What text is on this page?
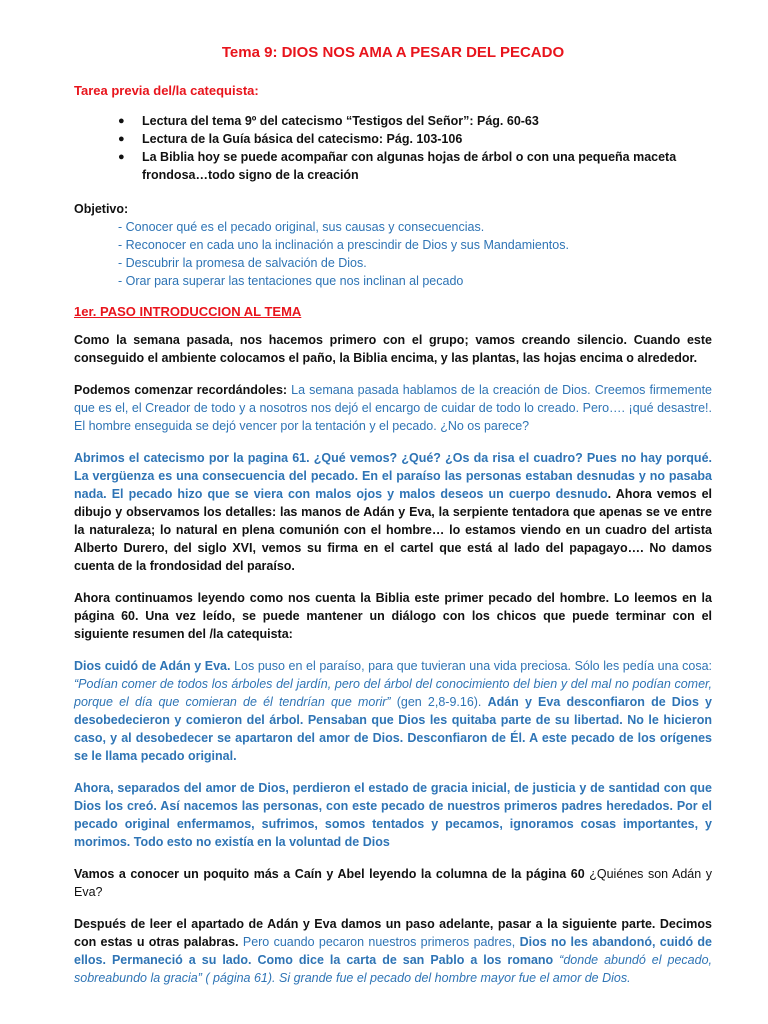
Tema 9: DIOS NOS AMA A PESAR DEL PECADO
Tarea previa del/la catequista:
● Lectura del tema 9º del catecismo “Testigos del Señor”: Pág. 60-63
● Lectura de la Guía básica del catecismo: Pág. 103-106
● La Biblia hoy se puede acompañar con algunas hojas de árbol o con una pequeña maceta frondosa…todo signo de la creación
Objetivo:
- Conocer qué es el pecado original, sus causas y consecuencias.
- Reconocer en cada uno la inclinación a prescindir de Dios y sus Mandamientos.
- Descubrir la promesa de salvación de Dios.
- Orar para superar las tentaciones que nos inclinan al pecado
1er. PASO INTRODUCCION AL TEMA

Como la semana pasada, nos hacemos primero con el grupo; vamos creando silencio. Cuando este conseguido el ambiente colocamos el paño, la Biblia encima, y las plantas, las hojas encima o alrededor.

Podemos comenzar recordándoles: La semana pasada hablamos de la creación de Dios. Creemos firmemente que es el, el Creador de todo y a nosotros nos dejó el encargo de cuidar de todo lo creado. Pero…. ¡qué desastre!. El hombre enseguida se dejó vencer por la tentación y el pecado. ¿No os parece?

Abrimos el catecismo por la pagina 61. ¿Qué vemos? ¿Qué? ¿Os da risa el cuadro? Pues no hay porqué. La vergüenza es una consecuencia del pecado. En el paraíso las personas estaban desnudas y no pasaba nada. El pecado hizo que se viera con malos ojos y malos deseos un cuerpo desnudo. Ahora vemos el dibujo y observamos los detalles: las manos de Adán y Eva, la serpiente tentadora que apenas se ve entre la naturaleza; lo natural en plena comunión con el hombre… lo estamos viendo en un cuadro del artista Alberto Durero, del siglo XVI, vemos su firma en el cartel que está al lado del papagayo…. No damos cuenta de la frondosidad del paraíso.

Ahora continuamos leyendo como nos cuenta la Biblia este primer pecado del hombre. Lo leemos en la página 60. Una vez leído, se puede mantener un diálogo con los chicos que puede terminar con el siguiente resumen del /la catequista:

Dios cuidó de Adán y Eva. Los puso en el paraíso, para que tuvieran una vida preciosa. Sólo les pedía una cosa: “Podían comer de todos los árboles del jardín, pero del árbol del conocimiento del bien y del mal no podían comer, porque el día que comieran de él tendrían que morir” (gen 2,8-9.16). Adán y Eva desconfiaron de Dios y desobedecieron y comieron del árbol. Pensaban que Dios les quitaba parte de su libertad. No le hicieron caso, y al desobedecer se apartaron del amor de Dios. Desconfiaron de Él. A este pecado de los orígenes se le llama pecado original.

Ahora, separados del amor de Dios, perdieron el estado de gracia inicial, de justicia y de santidad con que Dios los creó. Así nacemos las personas, con este pecado de nuestros primeros padres heredados. Por el pecado original enfermamos, sufrimos, somos tentados y pecamos, ignoramos cosas importantes, y morimos. Todo esto no existía en la voluntad de Dios

Vamos a conocer un poquito más a Caín y Abel leyendo la columna de la página 60 ¿Quiénes son Adán y Eva?

Después de leer el apartado de Adán y Eva damos un paso adelante, pasar a la siguiente parte. Decimos con estas u otras palabras. Pero cuando pecaron nuestros primeros padres, Dios no les abandonó, cuidó de ellos. Permaneció a su lado. Como dice la carta de san Pablo a los romano “donde abundó el pecado, sobreabundo la gracia” ( página 61). Si grande fue el pecado del hombre mayor fue el amor de Dios.
